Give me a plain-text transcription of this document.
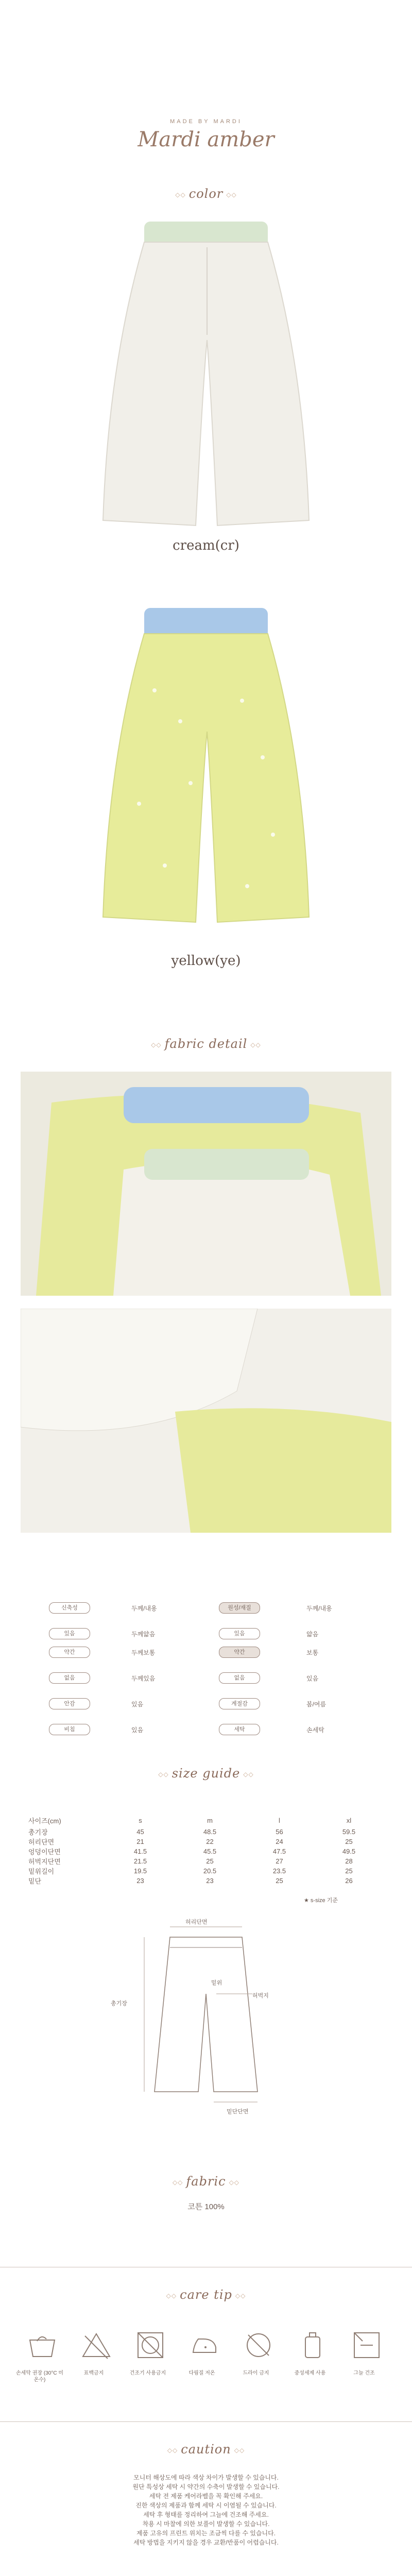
MADE BY MARDI
Mardi amber
◇◇ color ◇◇
cream(cr)
yellow(ye)
◇◇ fabric detail ◇◇
신축성	두께/내용	원성/재질	두께/내용
있음	두께얇음	있음	얇음
약간	두께보통	약간	보통
없음	두께있음	없음	있음
안감	있음	계절감	봄/여름
비침	있음	세탁	손세탁
◇◇ size guide ◇◇
사이즈(cm)	s	m	l	xl
총기장	45	48.5	56	59.5
허리단면	21	22	24	25
엉덩이단면	41.5	45.5	47.5	49.5
허벅지단면	21.5	25	27	28
밑위길이	19.5	20.5	23.5	25
밑단	23	23	25	26
★ s-size 기준
허리단면
총기장
밑위
허벅지
밑단단면
◇◇ fabric ◇◇
코튼 100%
◇◇ care tip ◇◇
손세탁 권장 (30°C 미온수)
표백금지	건조기 사용금지	다림질 저온	드라이 금지	중성세제 사용	그늘 건조
◇◇ caution ◇◇
모니터 해상도에 따라 색상 차이가 발생할 수 있습니다.
원단 특성상 세탁 시 약간의 수축이 발생할 수 있습니다.
세탁 전 제품 케어라벨을 꼭 확인해 주세요.
진한 색상의 제품과 함께 세탁 시 이염될 수 있습니다.
세탁 후 형태를 정리하여 그늘에 건조해 주세요.
착용 시 마찰에 의한 보풀이 발생할 수 있습니다.
제품 고유의 프린트 위치는 조금씩 다를 수 있습니다.
세탁 방법을 지키지 않을 경우 교환/반품이 어렵습니다.
